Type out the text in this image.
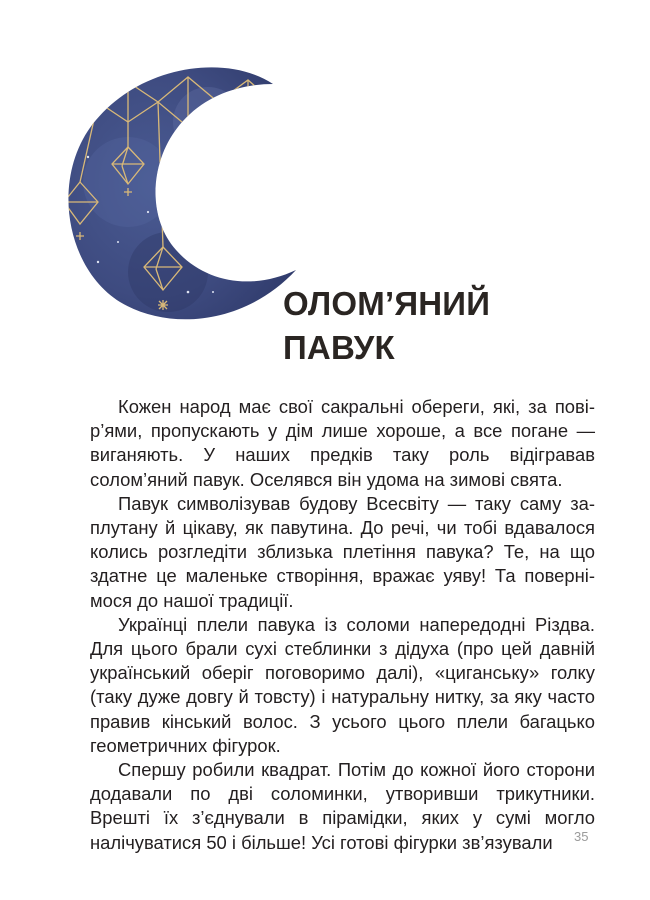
ОЛОМ’ЯНИЙ
ПАВУК

Кожен народ має свої сакральні обереги, які, за повір’ями, пропускають у дім лише хороше, а все погане — виганяють. У наших предків таку роль відігравав солом’яний павук. Оселявся він удома на зимові свята.

Павук символізував будову Всесвіту — таку саму заплутану й цікаву, як павутина. До речі, чи тобі вдавалося колись розгледіти зблизька плетіння павука? Те, на що здатне це маленьке створіння, вражає уяву! Та повернімося до нашої традиції.

Українці плели павука із соломи напередодні Різдва. Для цього брали сухі стеблинки з дідуха (про цей давній український оберіг поговоримо далі), «циганську» голку (таку дуже довгу й товсту) і натуральну нитку, за яку часто правив кінський волос. З усього цього плели багацько геометричних фігурок.

Спершу робили квадрат. Потім до кожної його сторони додавали по дві соломинки, утворивши трикутники. Врешті їх з’єднували в пірамідки, яких у сумі могло налічуватися 50 і більше! Усі готові фігурки зв’язували	35
